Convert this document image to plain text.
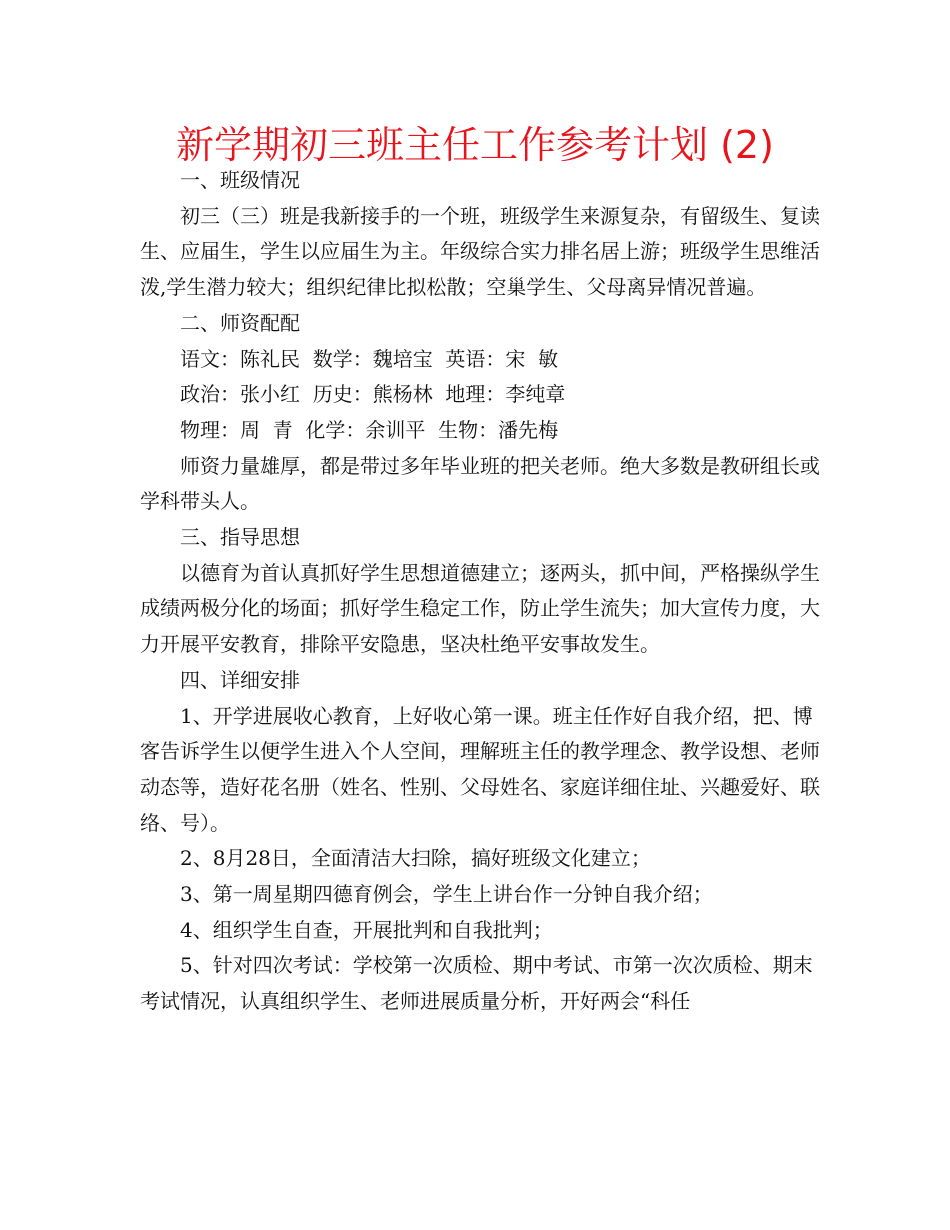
新学期初三班主任工作参考计划 (2)

一、班级情况

初三（三）班是我新接手的一个班，班级学生来源复杂，有留级生、复读生、应届生，学生以应届生为主。年级综合实力排名居上游；班级学生思维活泼,学生潜力较大；组织纪律比拟松散；空巢学生、父母离异情况普遍。

二、师资配配

语文：陈礼民  数学：魏培宝  英语：宋  敏

政治：张小红  历史：熊杨林  地理：李纯章

物理：周  青  化学：余训平  生物：潘先梅

师资力量雄厚，都是带过多年毕业班的把关老师。绝大多数是教研组长或学科带头人。

三、指导思想

以德育为首认真抓好学生思想道德建立；逐两头，抓中间，严格操纵学生成绩两极分化的场面；抓好学生稳定工作，防止学生流失；加大宣传力度，大力开展平安教育，排除平安隐患，坚决杜绝平安事故发生。

四、详细安排

1、开学进展收心教育，上好收心第一课。班主任作好自我介绍，把、博客告诉学生以便学生进入个人空间，理解班主任的教学理念、教学设想、老师动态等，造好花名册（姓名、性别、父母姓名、家庭详细住址、兴趣爱好、联络、号）。

2、8月28日，全面清洁大扫除，搞好班级文化建立；

3、第一周星期四德育例会，学生上讲台作一分钟自我介绍；

4、组织学生自查，开展批判和自我批判；

5、针对四次考试：学校第一次质检、期中考试、市第一次次质检、期末考试情况，认真组织学生、老师进展质量分析，开好两会“科任
